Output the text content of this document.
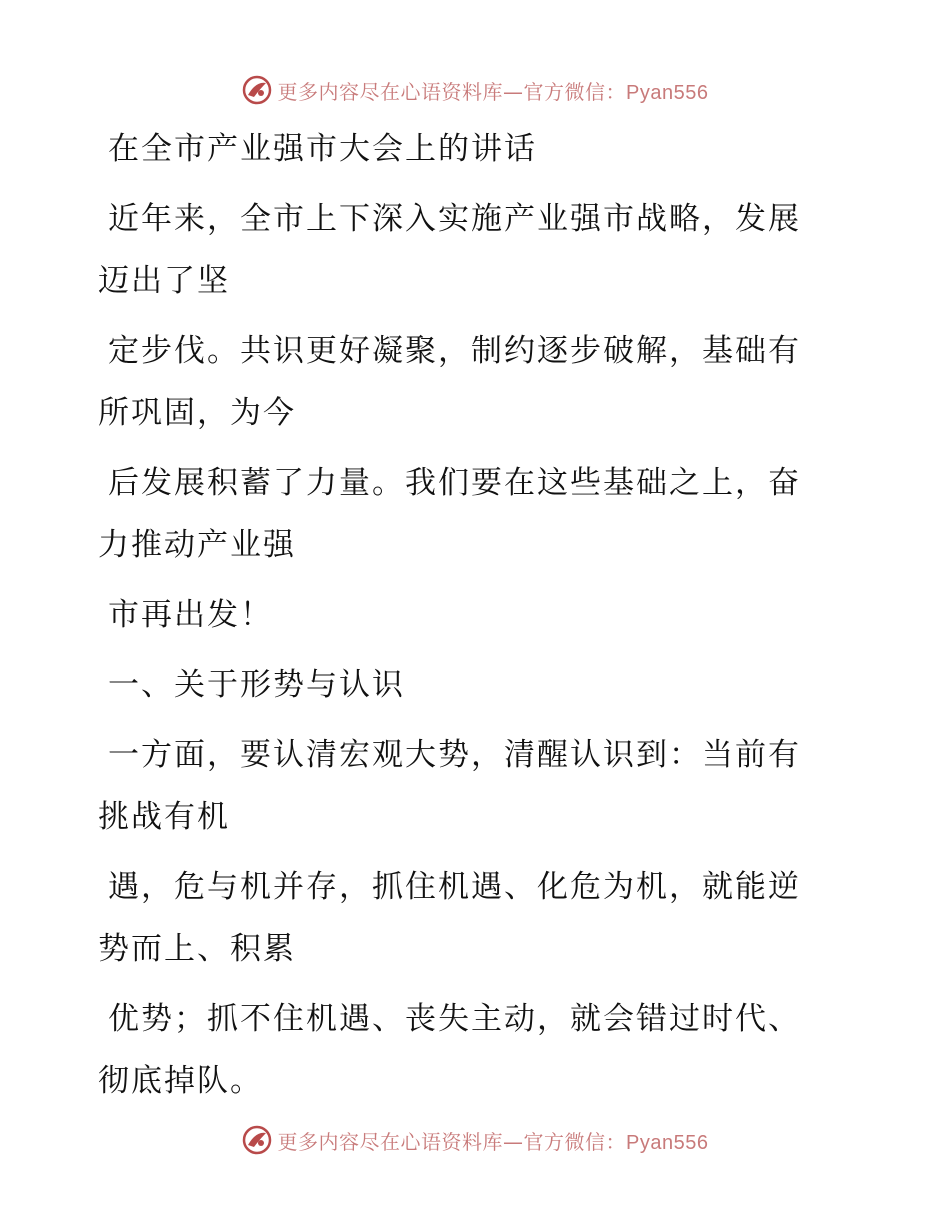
更多内容尽在心语资料库—官方微信：Pyan556

在全市产业强市大会上的讲话

近年来，全市上下深入实施产业强市战略，发展

迈出了坚

定步伐。共识更好凝聚，制约逐步破解，基础有

所巩固，为今

后发展积蓄了力量。我们要在这些基础之上，奋

力推动产业强

市再出发！

一、关于形势与认识

一方面，要认清宏观大势，清醒认识到：当前有

挑战有机

遇，危与机并存，抓住机遇、化危为机，就能逆

势而上、积累

优势；抓不住机遇、丧失主动，就会错过时代、

彻底掉队。

更多内容尽在心语资料库—官方微信：Pyan556
